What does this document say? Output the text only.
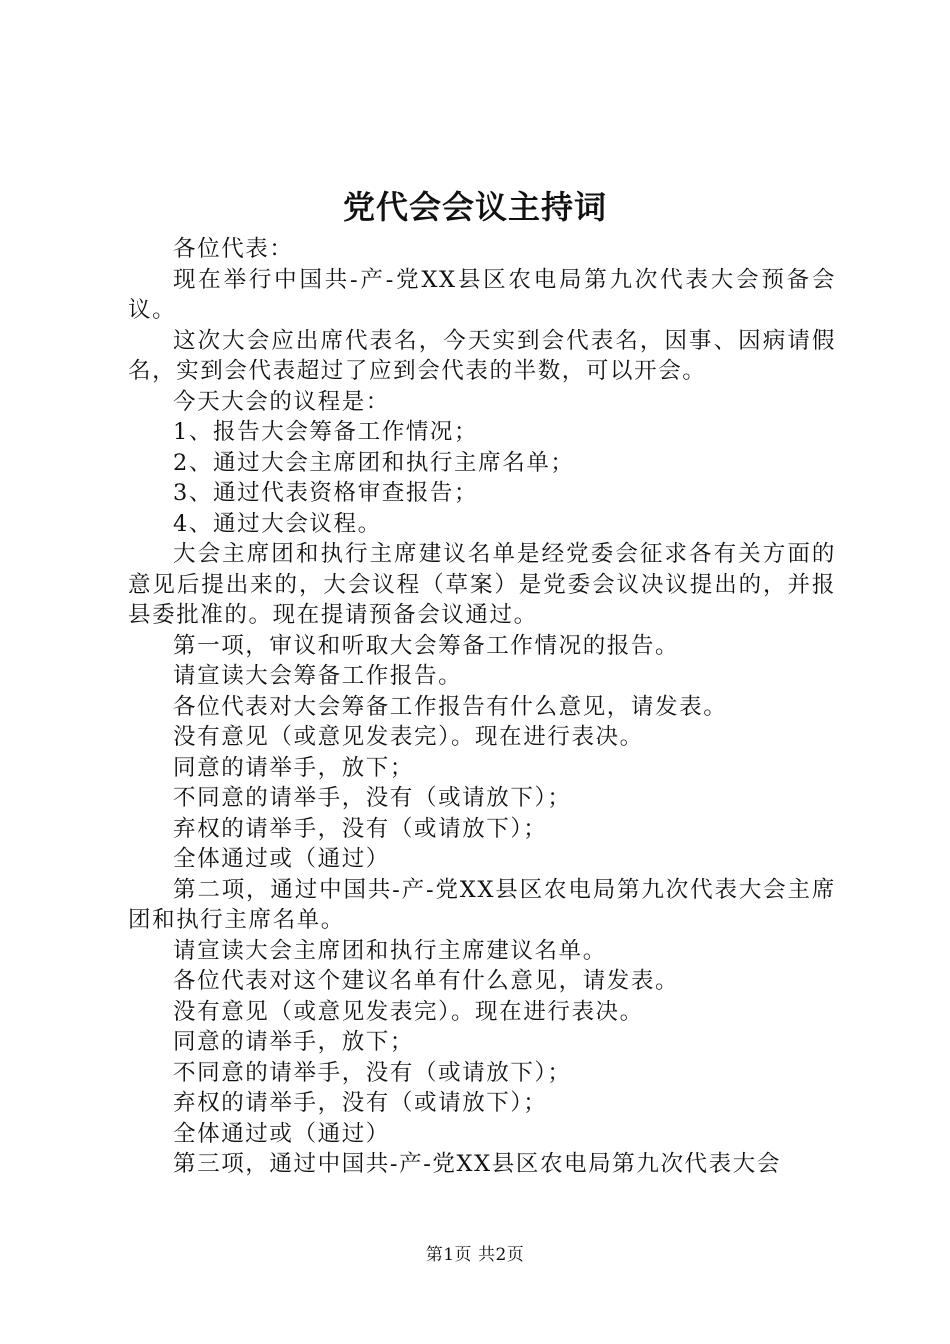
党代会会议主持词

各位代表：

现在举行中国共-产-党XX县区农电局第九次代表大会预备会议。

这次大会应出席代表名，今天实到会代表名，因事、因病请假名，实到会代表超过了应到会代表的半数，可以开会。

今天大会的议程是：

1、报告大会筹备工作情况；

2、通过大会主席团和执行主席名单；

3、通过代表资格审查报告；

4、通过大会议程。

大会主席团和执行主席建议名单是经党委会征求各有关方面的意见后提出来的，大会议程（草案）是党委会议决议提出的，并报县委批准的。现在提请预备会议通过。

第一项，审议和听取大会筹备工作情况的报告。

请宣读大会筹备工作报告。

各位代表对大会筹备工作报告有什么意见，请发表。

没有意见（或意见发表完）。现在进行表决。

同意的请举手，放下；

不同意的请举手，没有（或请放下）；

弃权的请举手，没有（或请放下）；

全体通过或（通过）

第二项，通过中国共-产-党XX县区农电局第九次代表大会主席团和执行主席名单。

请宣读大会主席团和执行主席建议名单。

各位代表对这个建议名单有什么意见，请发表。

没有意见（或意见发表完）。现在进行表决。

同意的请举手，放下；

不同意的请举手，没有（或请放下）；

弃权的请举手，没有（或请放下）；

全体通过或（通过）

第三项，通过中国共-产-党XX县区农电局第九次代表大会

第1页 共2页
